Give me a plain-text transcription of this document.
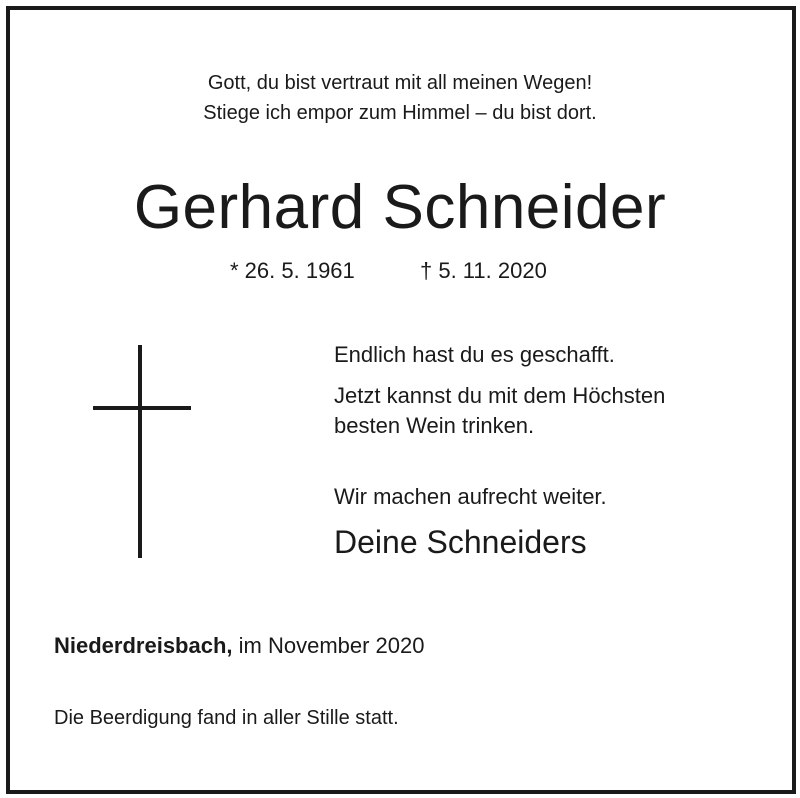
Gott, du bist vertraut mit all meinen Wegen!
Stiege ich empor zum Himmel – du bist dort.
Gerhard Schneider
* 26. 5. 1961	† 5. 11. 2020
Endlich hast du es geschafft.
Jetzt kannst du mit dem Höchsten
besten Wein trinken.
Wir machen aufrecht weiter.
Deine Schneiders
Niederdreisbach, im November 2020
Die Beerdigung fand in aller Stille statt.
